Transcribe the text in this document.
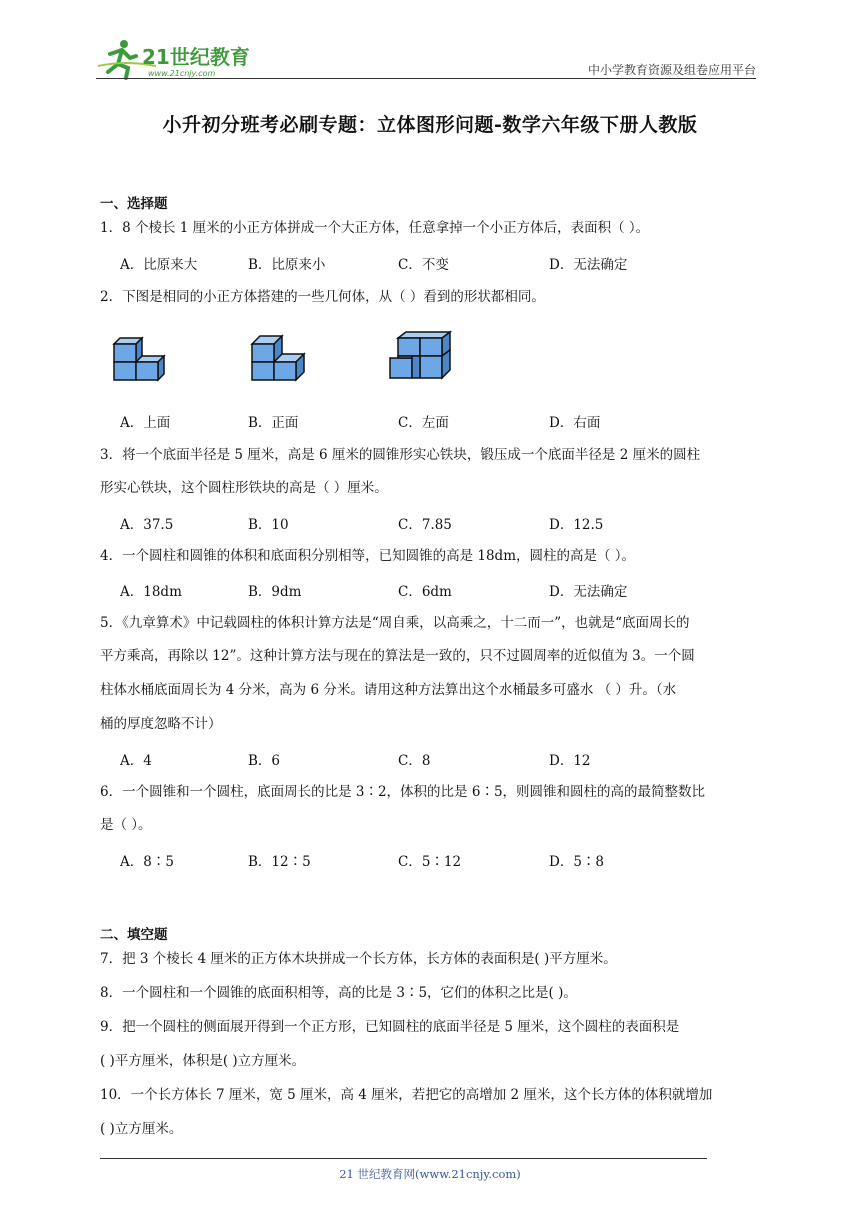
21世纪教育
www.21cnjy.com	中小学教育资源及组卷应用平台
小升初分班考必刷专题：立体图形问题-数学六年级下册人教版
一、选择题
1．8 个棱长 1 厘米的小正方体拼成一个大正方体，任意拿掉一个小正方体后，表面积（ ）。
A．比原来大	B．比原来小	C．不变	D．无法确定
2．下图是相同的小正方体搭建的一些几何体，从（ ）看到的形状都相同。
A．上面	B．正面	C．左面	D．右面
3．将一个底面半径是 5 厘米，高是 6 厘米的圆锥形实心铁块，锻压成一个底面半径是 2 厘米的圆柱
形实心铁块，这个圆柱形铁块的高是（ ）厘米。
A．37.5	B．10	C．7.85	D．12.5
4．一个圆柱和圆锥的体积和底面积分别相等，已知圆锥的高是 18dm，圆柱的高是（ ）。
A．18dm	B．9dm	C．6dm	D．无法确定
5．《九章算术》中记载圆柱的体积计算方法是“周自乘，以高乘之，十二而一”，也就是“底面周长的
平方乘高，再除以 12”。这种计算方法与现在的算法是一致的，只不过圆周率的近似值为 3。一个圆
柱体水桶底面周长为 4 分米，高为 6 分米。请用这种方法算出这个水桶最多可盛水 （ ）升。（水
桶的厚度忽略不计）
A．4	B．6	C．8	D．12
6．一个圆锥和一个圆柱，底面周长的比是 3∶2，体积的比是 6∶5，则圆锥和圆柱的高的最简整数比
是（ ）。
A．8∶5	B．12∶5	C．5∶12	D．5∶8
二、填空题
7．把 3 个棱长 4 厘米的正方体木块拼成一个长方体，长方体的表面积是( )平方厘米。
8．一个圆柱和一个圆锥的底面积相等，高的比是 3∶5，它们的体积之比是( )。
9．把一个圆柱的侧面展开得到一个正方形，已知圆柱的底面半径是 5 厘米，这个圆柱的表面积是
( )平方厘米，体积是( )立方厘米。
10．一个长方体长 7 厘米，宽 5 厘米，高 4 厘米，若把它的高增加 2 厘米，这个长方体的体积就增加
( )立方厘米。
21 世纪教育网(www.21cnjy.com)
